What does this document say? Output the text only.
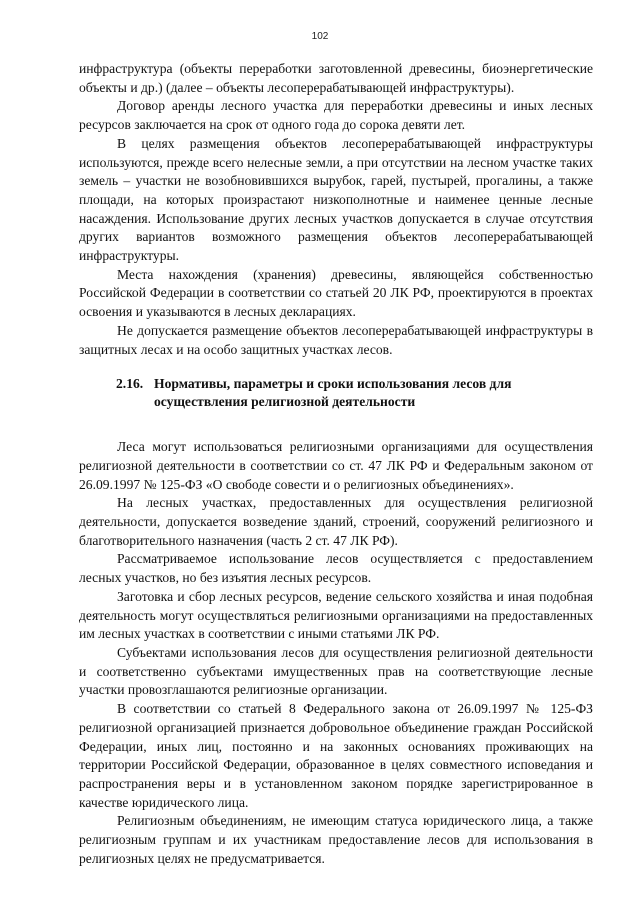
102

инфраструктура (объекты переработки заготовленной древесины, биоэнергетические объекты и др.) (далее – объекты лесоперерабатывающей инфраструктуры).

Договор аренды лесного участка для переработки древесины и иных лесных ресурсов заключается на срок от одного года до сорока девяти лет.

В целях размещения объектов лесоперерабатывающей инфраструктуры используются, прежде всего нелесные земли, а при отсутствии на лесном участке таких земель – участки не возобновившихся вырубок, гарей, пустырей, прогалины, а также площади, на которых произрастают низкополнотные и наименее ценные лесные насаждения. Использование других лесных участков допускается в случае отсутствия других вариантов возможного размещения объектов лесоперерабатывающей инфраструктуры.

Места нахождения (хранения) древесины, являющейся собственностью Российской Федерации в соответствии со статьей 20 ЛК РФ, проектируются в проектах освоения и указываются в лесных декларациях.

Не допускается размещение объектов лесоперерабатывающей инфраструктуры в защитных лесах и на особо защитных участках лесов.

2.16. Нормативы, параметры и сроки использования лесов для
осуществления религиозной деятельности

Леса могут использоваться религиозными организациями для осуществления религиозной деятельности в соответствии со ст. 47 ЛК РФ и Федеральным законом от 26.09.1997 № 125-ФЗ «О свободе совести и о религиозных объединениях».

На лесных участках, предоставленных для осуществления религиозной деятельности, допускается возведение зданий, строений, сооружений религиозного и благотворительного назначения (часть 2 ст. 47 ЛК РФ).

Рассматриваемое использование лесов осуществляется с предоставлением лесных участков, но без изъятия лесных ресурсов.

Заготовка и сбор лесных ресурсов, ведение сельского хозяйства и иная подобная деятельность могут осуществляться религиозными организациями на предоставленных им лесных участках в соответствии с иными статьями ЛК РФ.

Субъектами использования лесов для осуществления религиозной деятельности и соответственно субъектами имущественных прав на соответствующие лесные участки провозглашаются религиозные организации.

В соответствии со статьей 8 Федерального закона от 26.09.1997 № 125-ФЗ религиозной организацией признается добровольное объединение граждан Российской Федерации, иных лиц, постоянно и на законных основаниях проживающих на территории Российской Федерации, образованное в целях совместного исповедания и распространения веры и в установленном законом порядке зарегистрированное в качестве юридического лица.

Религиозным объединениям, не имеющим статуса юридического лица, а также религиозным группам и их участникам предоставление лесов для использования в религиозных целях не предусматривается.
